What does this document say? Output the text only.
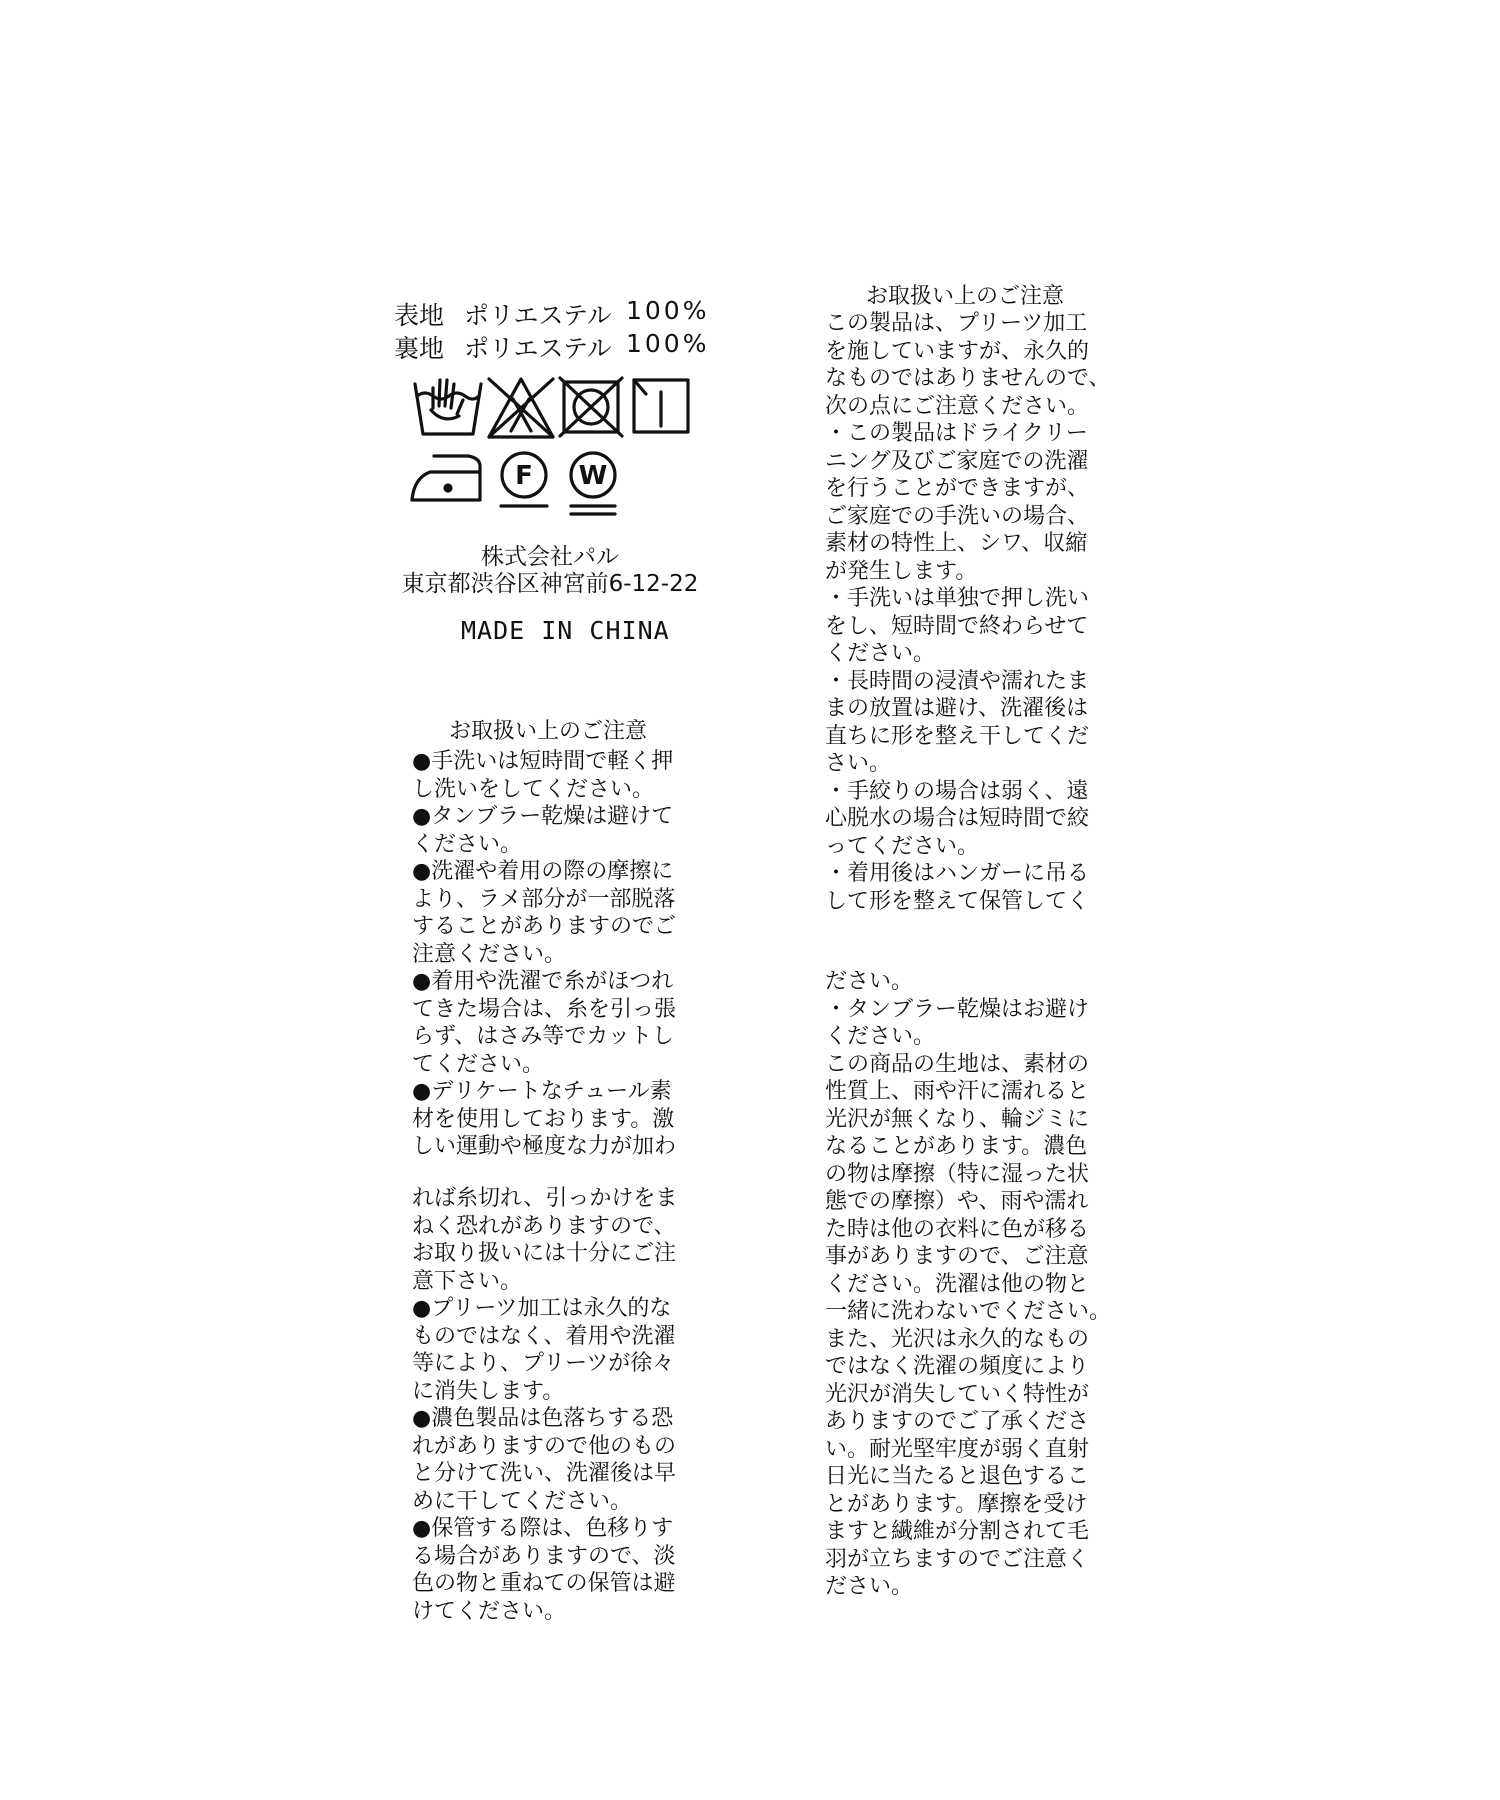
表地 ポリエステル 100%
裏地 ポリエステル 100%
F W
株式会社パル
東京都渋谷区神宮前6-12-22
MADE IN CHINA
お取扱い上のご注意
●手洗いは短時間で軽く押
し洗いをしてください。
●タンブラー乾燥は避けて
ください。
●洗濯や着用の際の摩擦に
より、ラメ部分が一部脱落
することがありますのでご
注意ください。
●着用や洗濯で糸がほつれ
てきた場合は、糸を引っ張
らず、はさみ等でカットし
てください。
●デリケートなチュール素
材を使用しております。激
しい運動や極度な力が加わ
れば糸切れ、引っかけをま
ねく恐れがありますので、
お取り扱いには十分にご注
意下さい。
●プリーツ加工は永久的な
ものではなく、着用や洗濯
等により、プリーツが徐々
に消失します。
●濃色製品は色落ちする恐
れがありますので他のもの
と分けて洗い、洗濯後は早
めに干してください。
●保管する際は、色移りす
る場合がありますので、淡
色の物と重ねての保管は避
けてください。
お取扱い上のご注意
この製品は、プリーツ加工
を施していますが、永久的
なものではありませんので、
次の点にご注意ください。
・この製品はドライクリー
ニング及びご家庭での洗濯
を行うことができますが、
ご家庭での手洗いの場合、
素材の特性上、シワ、収縮
が発生します。
・手洗いは単独で押し洗い
をし、短時間で終わらせて
ください。
・長時間の浸漬や濡れたま
まの放置は避け、洗濯後は
直ちに形を整え干してくだ
さい。
・手絞りの場合は弱く、遠
心脱水の場合は短時間で絞
ってください。
・着用後はハンガーに吊る
して形を整えて保管してく
ださい。
・タンブラー乾燥はお避け
ください。
この商品の生地は、素材の
性質上、雨や汗に濡れると
光沢が無くなり、輪ジミに
なることがあります。濃色
の物は摩擦（特に湿った状
態での摩擦）や、雨や濡れ
た時は他の衣料に色が移る
事がありますので、ご注意
ください。洗濯は他の物と
一緒に洗わないでください。
また、光沢は永久的なもの
ではなく洗濯の頻度により
光沢が消失していく特性が
ありますのでご了承くださ
い。耐光堅牢度が弱く直射
日光に当たると退色するこ
とがあります。摩擦を受け
ますと繊維が分割されて毛
羽が立ちますのでご注意く
ださい。
